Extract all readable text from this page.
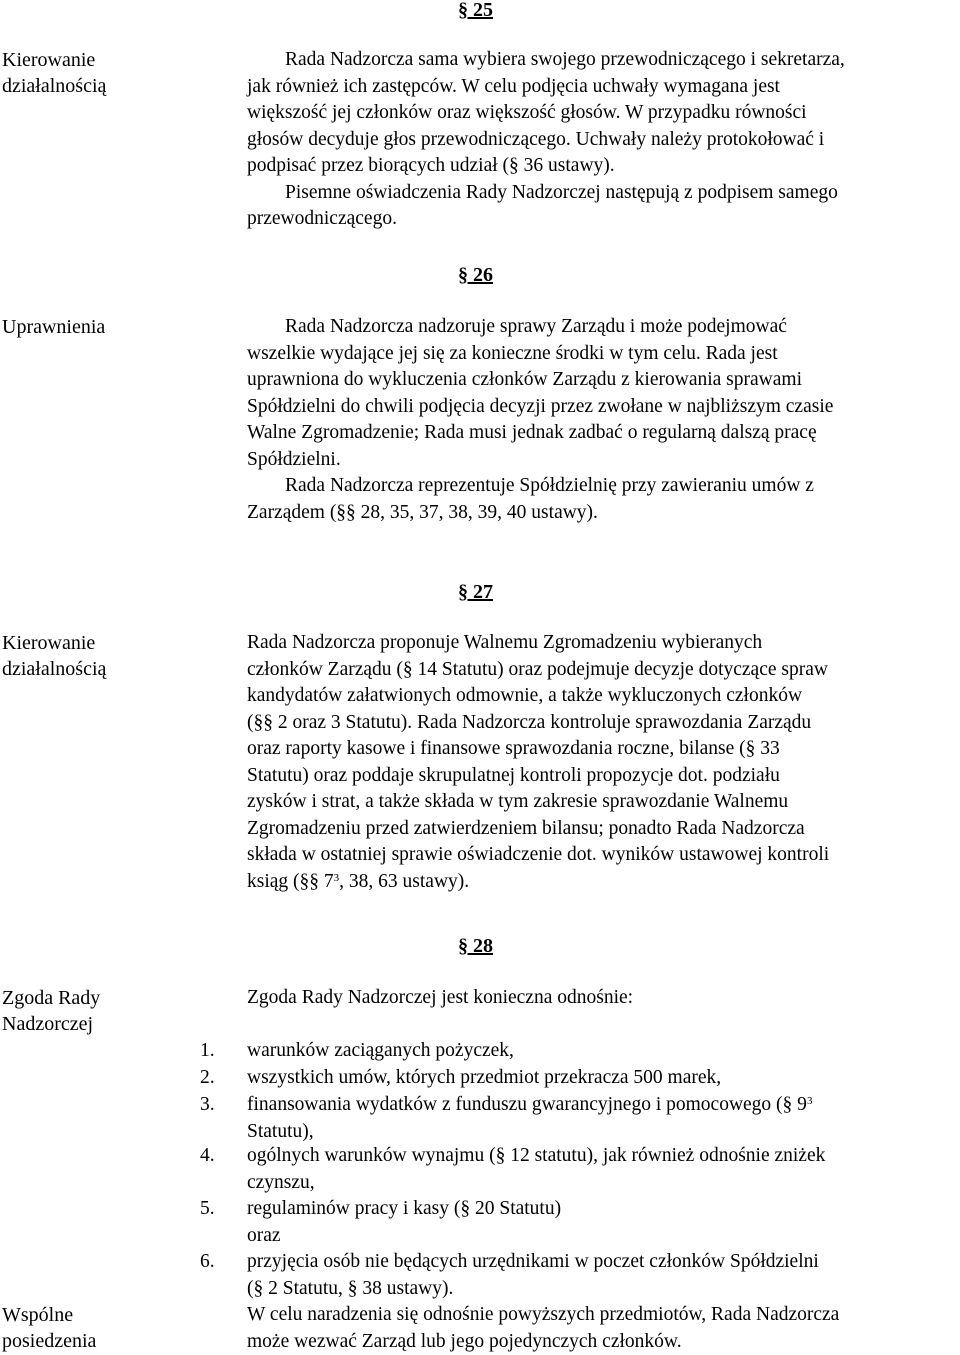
§ 25
Kierowanie
działalnością
Rada Nadzorcza sama wybiera swojego przewodniczącego i sekretarza,
jak również ich zastępców. W celu podjęcia uchwały wymagana jest
większość jej członków oraz większość głosów. W przypadku równości
głosów decyduje głos przewodniczącego. Uchwały należy protokołować i
podpisać przez biorących udział (§ 36 ustawy).
Pisemne oświadczenia Rady Nadzorczej następują z podpisem samego
przewodniczącego.
§ 26
Uprawnienia	Rada Nadzorcza nadzoruje sprawy Zarządu i może podejmować
wszelkie wydające jej się za konieczne środki w tym celu. Rada jest
uprawniona do wykluczenia członków Zarządu z kierowania sprawami
Spółdzielni do chwili podjęcia decyzji przez zwołane w najbliższym czasie
Walne Zgromadzenie; Rada musi jednak zadbać o regularną dalszą pracę
Spółdzielni.
Rada Nadzorcza reprezentuje Spółdzielnię przy zawieraniu umów z
Zarządem (§§ 28, 35, 37, 38, 39, 40 ustawy).
§ 27
Kierowanie
działalnością
Rada Nadzorcza proponuje Walnemu Zgromadzeniu wybieranych
członków Zarządu (§ 14 Statutu) oraz podejmuje decyzje dotyczące spraw
kandydatów załatwionych odmownie, a także wykluczonych członków
(§§ 2 oraz 3 Statutu). Rada Nadzorcza kontroluje sprawozdania Zarządu
oraz raporty kasowe i finansowe sprawozdania roczne, bilanse (§ 33
Statutu) oraz poddaje skrupulatnej kontroli propozycje dot. podziału
zysków i strat, a także składa w tym zakresie sprawozdanie Walnemu
Zgromadzeniu przed zatwierdzeniem bilansu; ponadto Rada Nadzorcza
składa w ostatniej sprawie oświadczenie dot. wyników ustawowej kontroli
ksiąg (§§ $7^3$, 38, 63 ustawy).
§ 28
Zgoda Rady
Nadzorczej
Zgoda Rady Nadzorczej jest konieczna odnośnie:
1.	warunków zaciąganych pożyczek,
2.	wszystkich umów, których przedmiot przekracza 500 marek,
3.	finansowania wydatków z funduszu gwarancyjnego i pomocowego (§ $9^3$
Statutu),
4.	ogólnych warunków wynajmu (§ 12 statutu), jak również odnośnie zniżek
czynszu,
5.	regulaminów pracy i kasy (§ 20 Statutu)
oraz
6.	przyjęcia osób nie będących urzędnikami w poczet członków Spółdzielni
(§ 2 Statutu, § 38 ustawy).
Wspólne
posiedzenia
W celu naradzenia się odnośnie powyższych przedmiotów, Rada Nadzorcza
może wezwać Zarząd lub jego pojedynczych członków.
